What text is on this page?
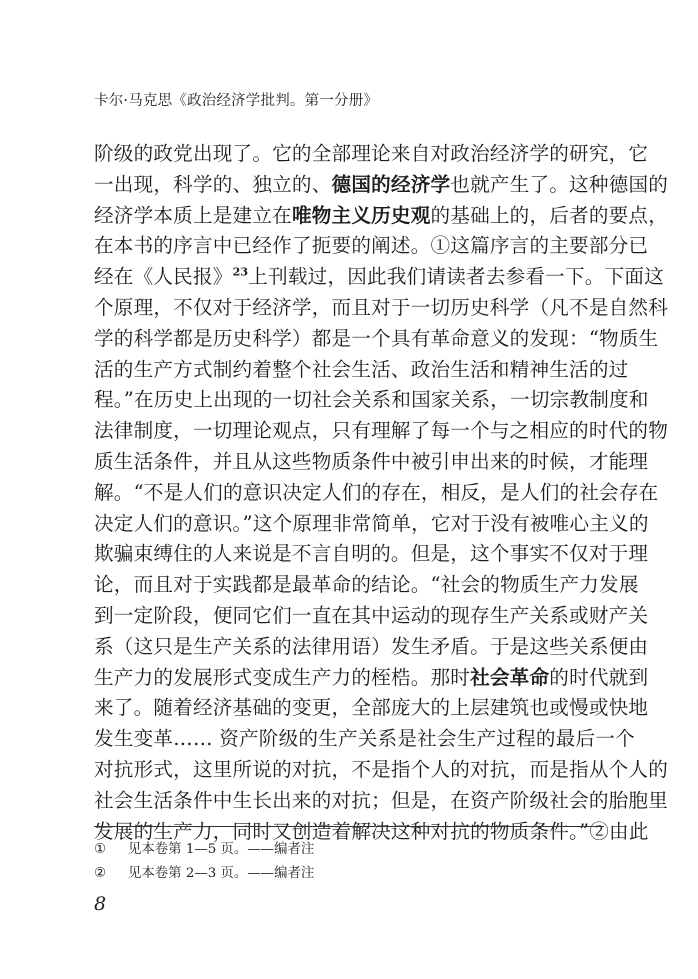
卡尔·马克思《政治经济学批判。第一分册》
阶级的政党出现了。它的全部理论来自对政治经济学的研究，它
一出现，科学的、独立的、德国的经济学也就产生了。这种德国的
经济学本质上是建立在唯物主义历史观的基础上的，后者的要点，
在本书的序言中已经作了扼要的阐述。①这篇序言的主要部分已
经在《人民报》$^{23}$上刊载过，因此我们请读者去参看一下。下面这
个原理，不仅对于经济学，而且对于一切历史科学（凡不是自然科
学的科学都是历史科学）都是一个具有革命意义的发现：“物质生
活的生产方式制约着整个社会生活、政治生活和精神生活的过
程。”在历史上出现的一切社会关系和国家关系，一切宗教制度和
法律制度，一切理论观点，只有理解了每一个与之相应的时代的物
质生活条件，并且从这些物质条件中被引申出来的时候，才能理
解。“不是人们的意识决定人们的存在，相反，是人们的社会存在
决定人们的意识。”这个原理非常简单，它对于没有被唯心主义的
欺骗束缚住的人来说是不言自明的。但是，这个事实不仅对于理
论，而且对于实践都是最革命的结论。“社会的物质生产力发展
到一定阶段，便同它们一直在其中运动的现存生产关系或财产关
系（这只是生产关系的法律用语）发生矛盾。于是这些关系便由
生产力的发展形式变成生产力的桎梏。那时社会革命的时代就到
来了。随着经济基础的变更，全部庞大的上层建筑也或慢或快地
发生变革…… 资产阶级的生产关系是社会生产过程的最后一个
对抗形式，这里所说的对抗，不是指个人的对抗，而是指从个人的
社会生活条件中生长出来的对抗；但是，在资产阶级社会的胎胞里
发展的生产力，同时又创造着解决这种对抗的物质条件。”②由此
① 见本卷第 1—5 页。——编者注
② 见本卷第 2—3 页。——编者注
8
